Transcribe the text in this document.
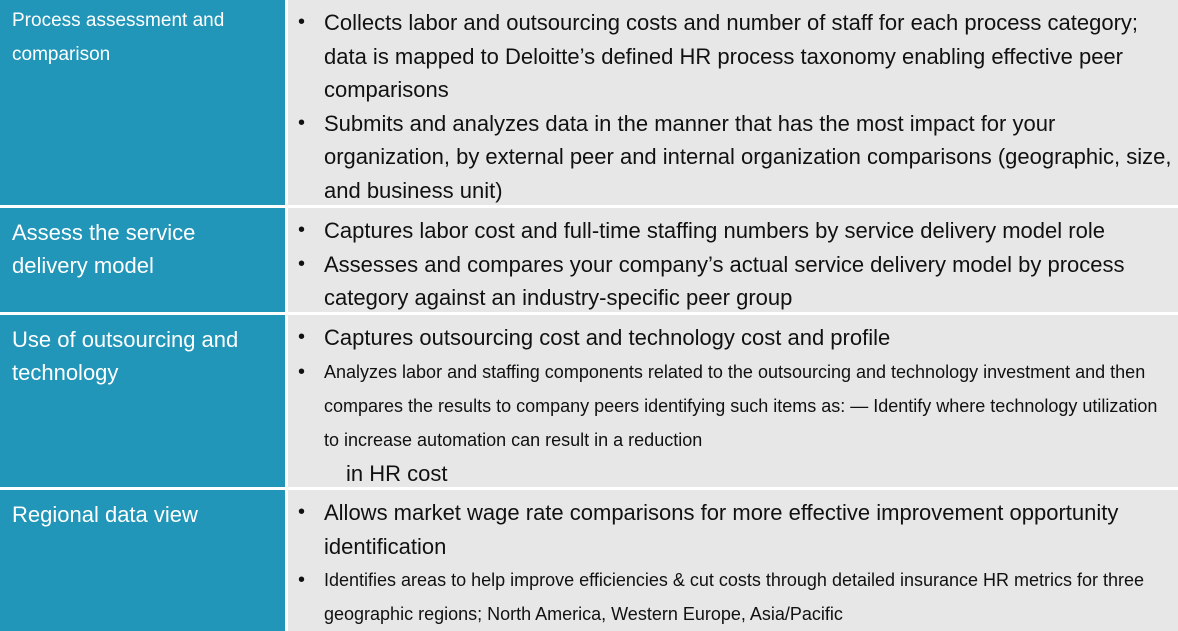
Process assessment and comparison
• Collects labor and outsourcing costs and number of staff for each process category; data is mapped to Deloitte’s defined HR process taxonomy enabling effective peer comparisons
• Submits and analyzes data in the manner that has the most impact for your organization, by external peer and internal organization comparisons (geographic, size, and business unit)
Assess the service delivery model
• Captures labor cost and full-time staffing numbers by service delivery model role
• Assesses and compares your company’s actual service delivery model by process category against an industry-specific peer group
Use of outsourcing and technology
• Captures outsourcing cost and technology cost and profile
• Analyzes labor and staffing components related to the outsourcing and technology investment and then compares the results to company peers identifying such items as: — Identify where technology utilization to increase automation can result in a reduction
in HR cost
Regional data view	• Allows market wage rate comparisons for more effective improvement opportunity identification
• Identifies areas to help improve efficiencies & cut costs through detailed insurance HR metrics for three geographic regions; North America, Western Europe, Asia/Pacific
